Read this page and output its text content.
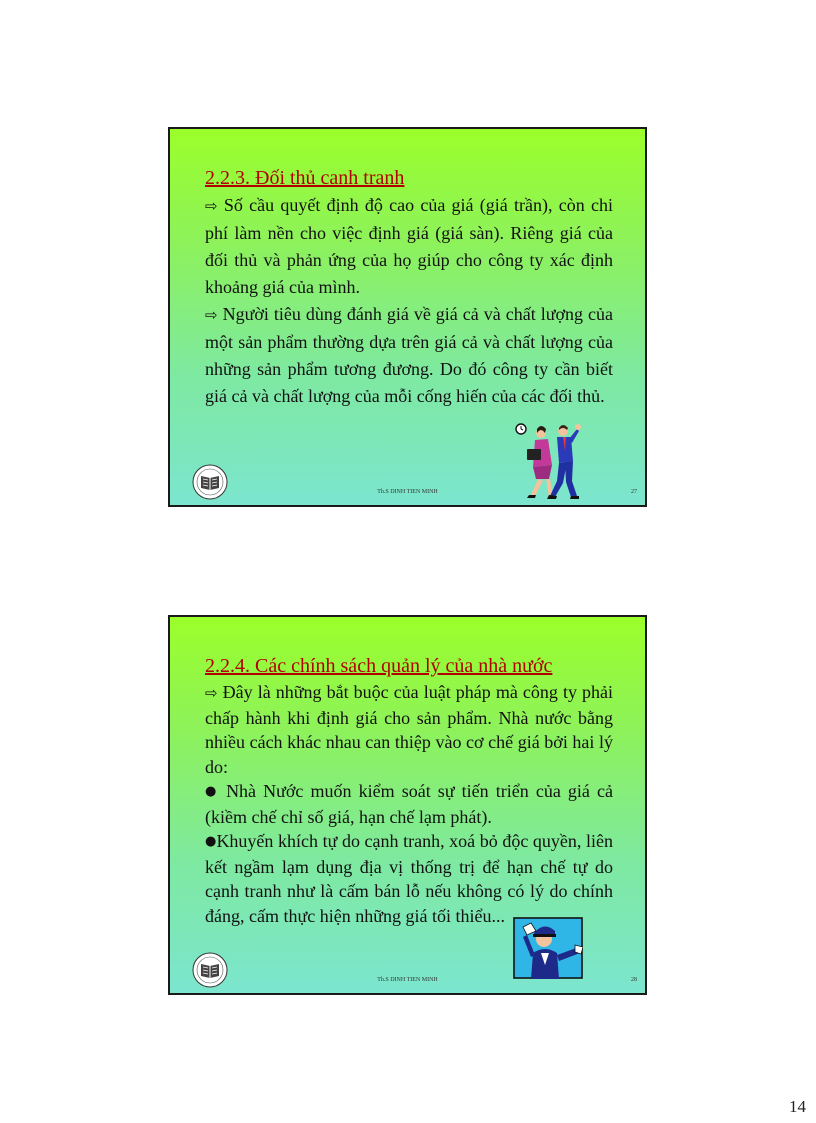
2.2.3. Đối thủ canh tranh
⇨ Số cầu quyết định độ cao của giá (giá trần), còn chi phí làm nền cho việc định giá (giá sàn). Riêng giá của đối thủ và phản ứng của họ giúp cho công ty xác định khoảng giá của mình.
⇨ Người tiêu dùng đánh giá về giá cả và chất lượng của một sản phẩm thường dựa trên giá cả và chất lượng của những sản phẩm tương đương. Do đó công ty cần biết giá cả và chất lượng của mỗi cống hiến của các đối thủ.
Th.S DINH TIEN MINH	27
2.2.4. Các chính sách quản lý của nhà nước
⇨ Đây là những bắt buộc của luật pháp mà công ty phải chấp hành khi định giá cho sản phẩm. Nhà nước bằng nhiều cách khác nhau can thiệp vào cơ chế giá bởi hai lý do:
● Nhà Nước muốn kiểm soát sự tiến triển của giá cả (kiềm chế chỉ số giá, hạn chế lạm phát).
●Khuyến khích tự do cạnh tranh, xoá bỏ độc quyền, liên kết ngầm lạm dụng địa vị thống trị để hạn chế tự do cạnh tranh như là cấm bán lỗ nếu không có lý do chính đáng, cấm thực hiện những giá tối thiểu...
Th.S DINH TIEN MINH	28
14
